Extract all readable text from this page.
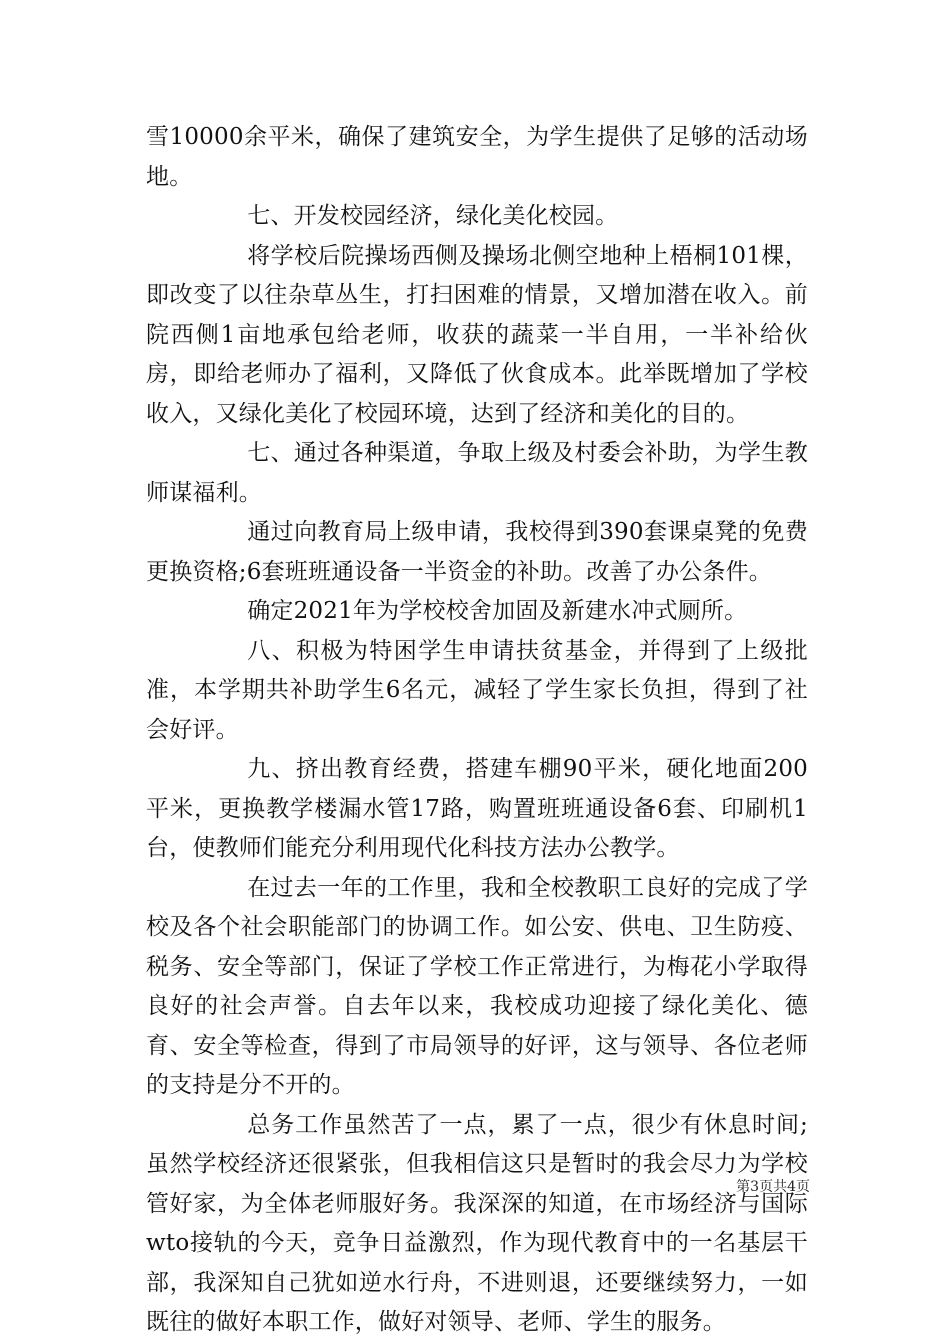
雪10000余平米，确保了建筑安全，为学生提供了足够的活动场地。

七、开发校园经济，绿化美化校园。

将学校后院操场西侧及操场北侧空地种上梧桐101棵，即改变了以往杂草丛生，打扫困难的情景，又增加潜在收入。前院西侧1亩地承包给老师，收获的蔬菜一半自用，一半补给伙房，即给老师办了福利，又降低了伙食成本。此举既增加了学校收入，又绿化美化了校园环境，达到了经济和美化的目的。

七、通过各种渠道，争取上级及村委会补助，为学生教师谋福利。

通过向教育局上级申请，我校得到390套课桌凳的免费更换资格;6套班班通设备一半资金的补助。改善了办公条件。

确定2021年为学校校舍加固及新建水冲式厕所。

八、积极为特困学生申请扶贫基金，并得到了上级批准，本学期共补助学生6名元，减轻了学生家长负担，得到了社会好评。

九、挤出教育经费，搭建车棚90平米，硬化地面200平米，更换教学楼漏水管17路，购置班班通设备6套、印刷机1台，使教师们能充分利用现代化科技方法办公教学。

在过去一年的工作里，我和全校教职工良好的完成了学校及各个社会职能部门的协调工作。如公安、供电、卫生防疫、税务、安全等部门，保证了学校工作正常进行，为梅花小学取得良好的社会声誉。自去年以来，我校成功迎接了绿化美化、德育、安全等检查，得到了市局领导的好评，这与领导、各位老师的支持是分不开的。

总务工作虽然苦了一点，累了一点，很少有休息时间;虽然学校经济还很紧张，但我相信这只是暂时的我会尽力为学校管好家，为全体老师服好务。我深深的知道，在市场经济与国际wto接轨的今天，竞争日益激烈，作为现代教育中的一名基层干部，我深知自己犹如逆水行舟，不进则退，还要继续努力，一如既往的做好本职工作，做好对领导、老师、学生的服务。

第3页共4页
